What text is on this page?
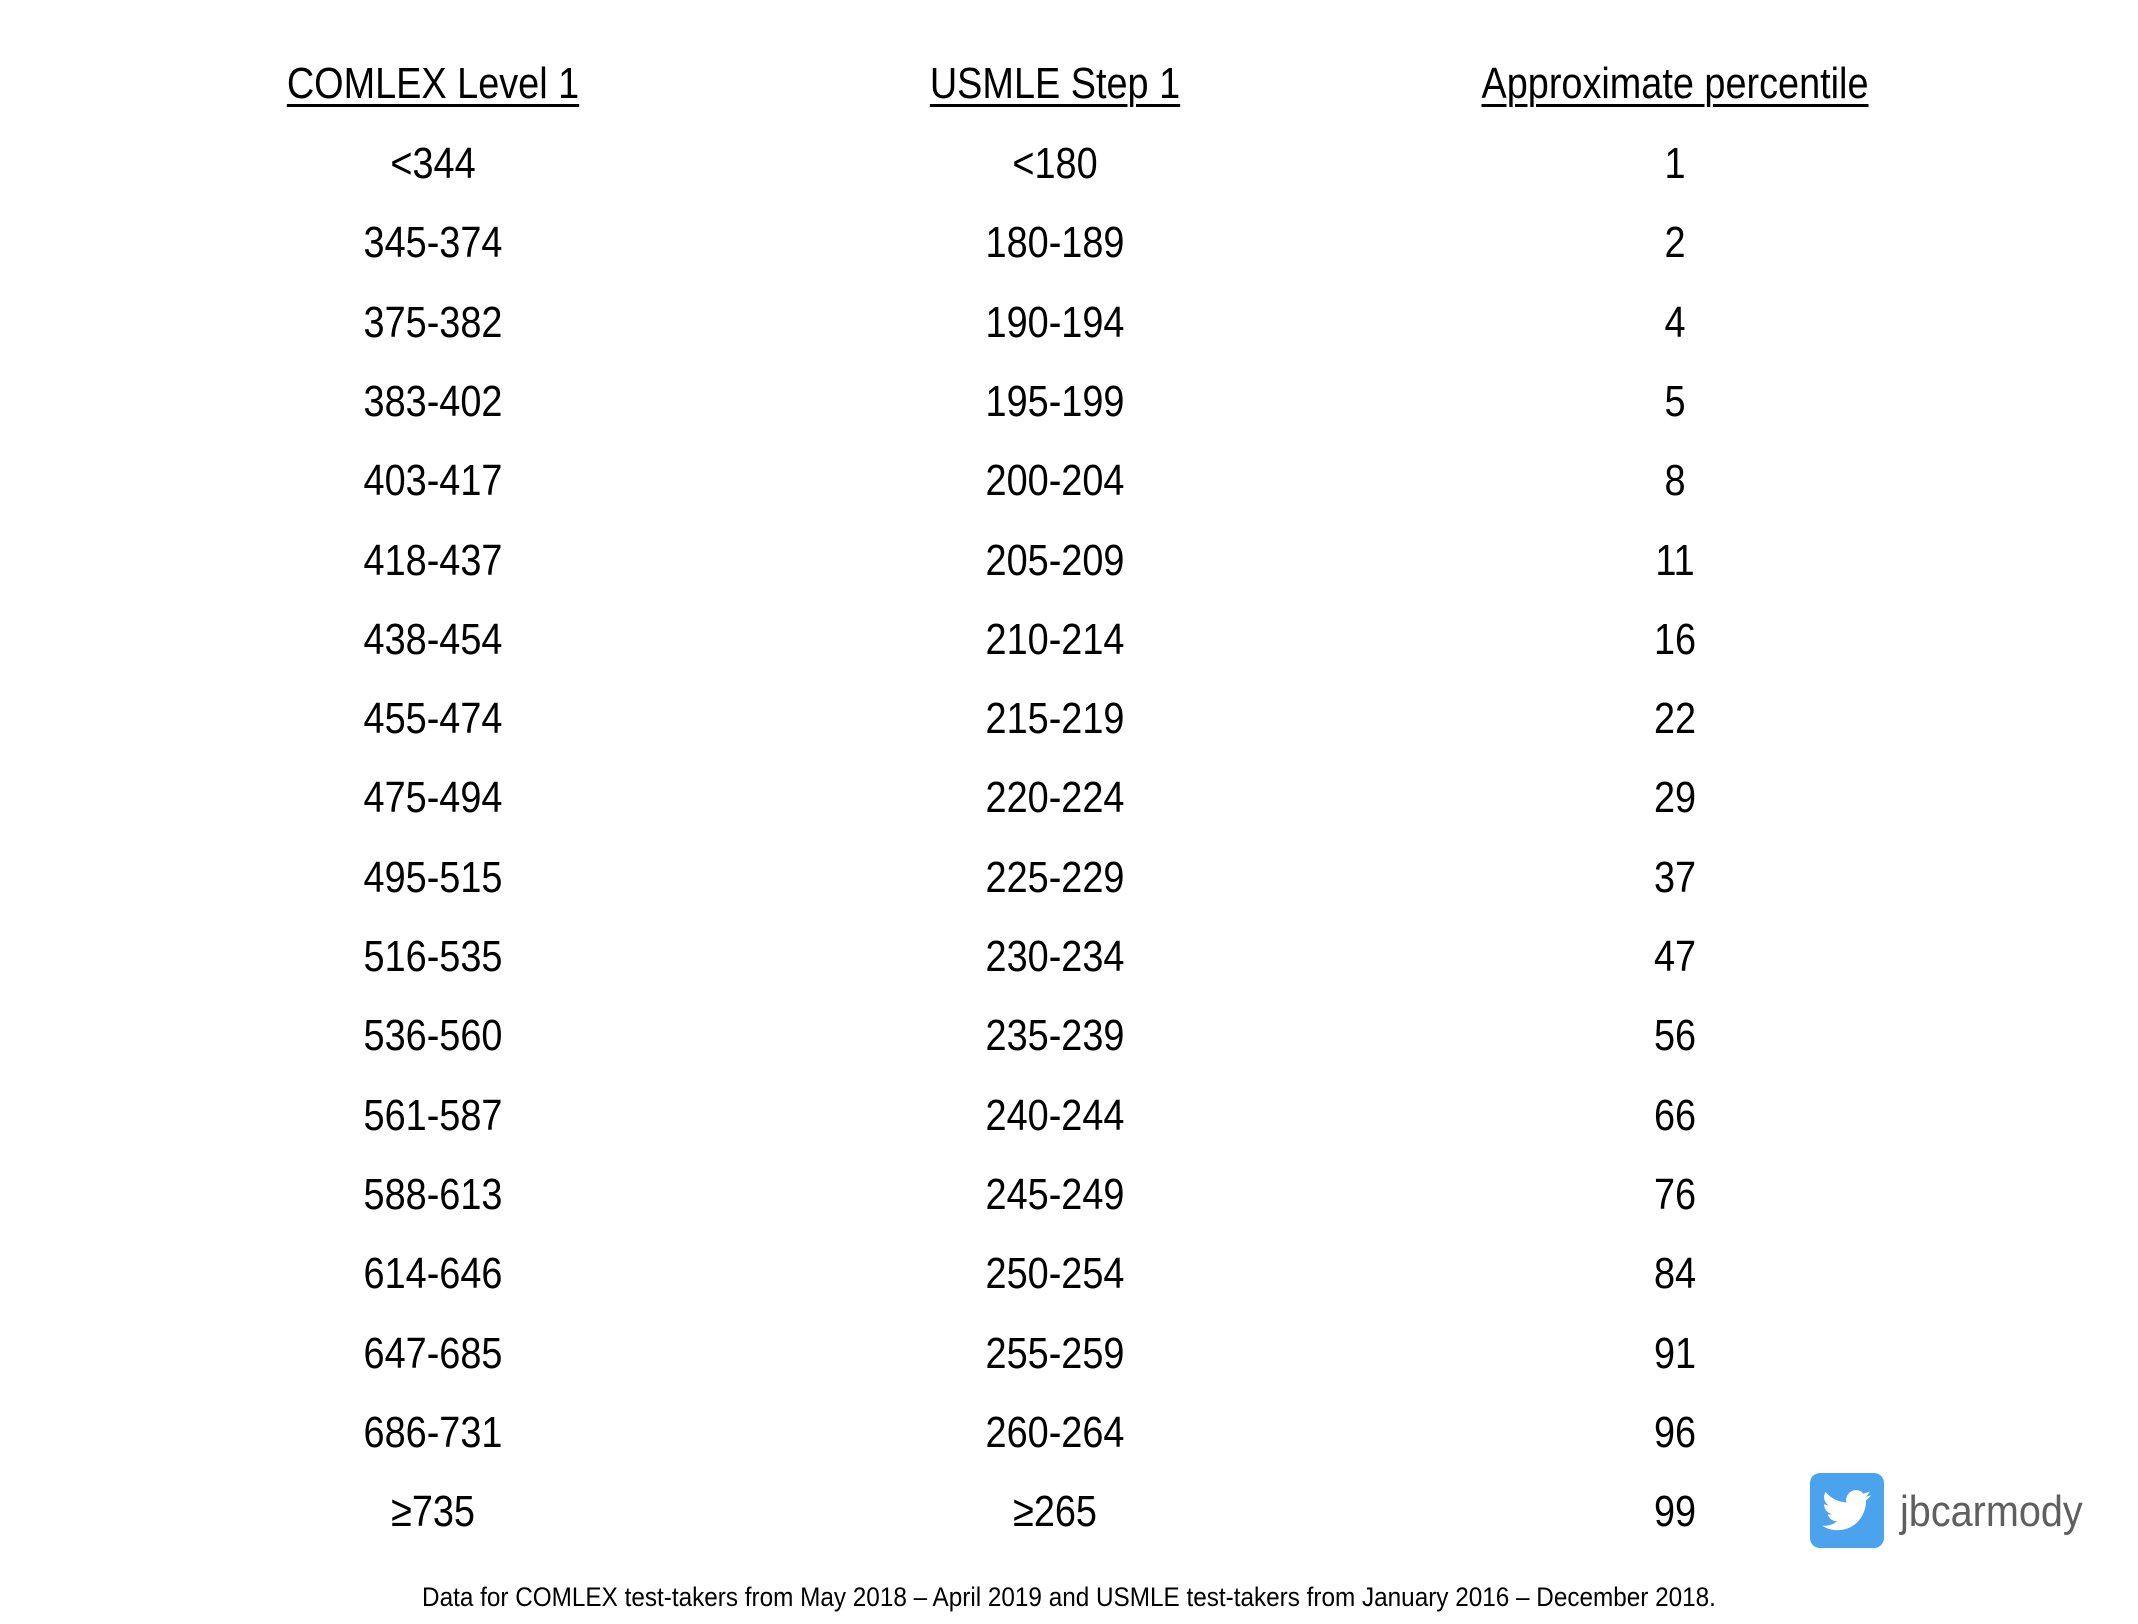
COMLEX Level 1
<344
345-374
375-382
383-402
403-417
418-437
438-454
455-474
475-494
495-515
516-535
536-560
561-587
588-613
614-646
647-685
686-731
≥735
USMLE Step 1
<180
180-189
190-194
195-199
200-204
205-209
210-214
215-219
220-224
225-229
230-234
235-239
240-244
245-249
250-254
255-259
260-264
≥265
Approximate percentile
1
2
4
5
8
11
16
22
29
37
47
56
66
76
84
91
96
99
Data for COMLEX test-takers from May 2018 – April 2019 and USMLE test-takers from January 2016 – December 2018.
jbcarmody
